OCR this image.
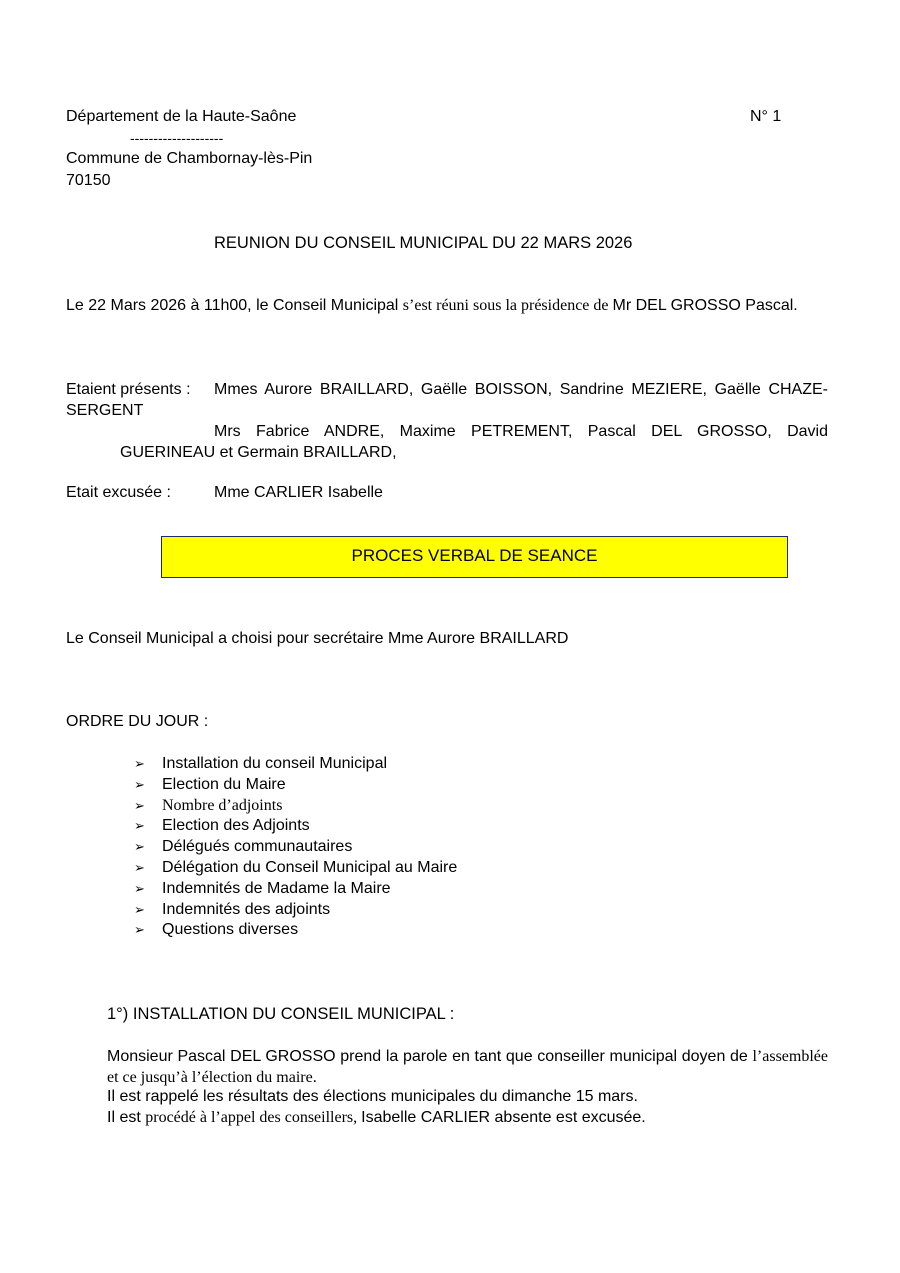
Département de la Haute-Saône	N° 1
--------------------
Commune de Chambornay-lès-Pin
70150
REUNION DU CONSEIL MUNICIPAL DU 22 MARS 2026
Le 22 Mars 2026 à 11h00, le Conseil Municipal s’est réuni sous la présidence de Mr DEL GROSSO Pascal.
Etaient présents : Mmes Aurore BRAILLARD, Gaëlle BOISSON, Sandrine MEZIERE, Gaëlle CHAZE-SERGENT
Mrs Fabrice ANDRE, Maxime PETREMENT, Pascal DEL GROSSO, David GUERINEAU et Germain BRAILLARD,
Etait excusée :	Mme CARLIER Isabelle
PROCES VERBAL DE SEANCE
Le Conseil Municipal a choisi pour secrétaire Mme Aurore BRAILLARD
ORDRE DU JOUR :
➢ Installation du conseil Municipal
➢ Election du Maire
➢ Nombre d’adjoints
➢ Election des Adjoints
➢ Délégués communautaires
➢ Délégation du Conseil Municipal au Maire
➢ Indemnités de Madame la Maire
➢ Indemnités des adjoints
➢ Questions diverses
1°) INSTALLATION DU CONSEIL MUNICIPAL :
Monsieur Pascal DEL GROSSO prend la parole en tant que conseiller municipal doyen de l’assemblée et ce jusqu’à l’élection du maire.
Il est rappelé les résultats des élections municipales du dimanche 15 mars.
Il est procédé à l’appel des conseillers, Isabelle CARLIER absente est excusée.
